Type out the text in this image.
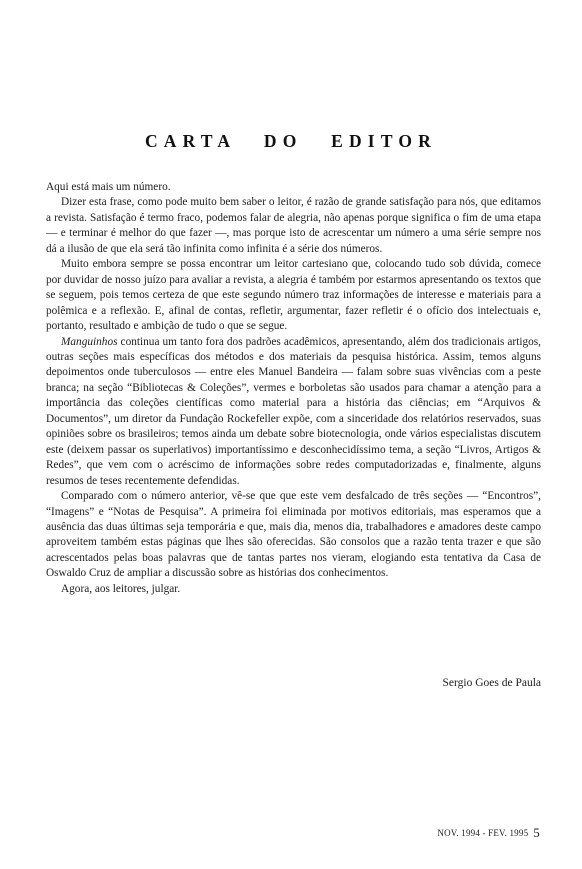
CARTA DO EDITOR

Aqui está mais um número.

Dizer esta frase, como pode muito bem saber o leitor, é razão de grande satisfação para nós, que editamos a revista. Satisfação é termo fraco, podemos falar de alegria, não apenas porque significa o fim de uma etapa — e terminar é melhor do que fazer —, mas porque isto de acrescentar um número a uma série sempre nos dá a ilusão de que ela será tão infinita como infinita é a série dos números.

Muito embora sempre se possa encontrar um leitor cartesiano que, colocando tudo sob dúvida, comece por duvidar de nosso juízo para avaliar a revista, a alegria é também por estarmos apresentando os textos que se seguem, pois temos certeza de que este segundo número traz informações de interesse e materiais para a polêmica e a reflexão. E, afinal de contas, refletir, argumentar, fazer refletir é o ofício dos intelectuais e, portanto, resultado e ambição de tudo o que se segue.

Manguinhos continua um tanto fora dos padrões acadêmicos, apresentando, além dos tradicionais artigos, outras seções mais específicas dos métodos e dos materiais da pesquisa histórica. Assim, temos alguns depoimentos onde tuberculosos — entre eles Manuel Bandeira — falam sobre suas vivências com a peste branca; na seção “Bibliotecas & Coleções”, vermes e borboletas são usados para chamar a atenção para a importância das coleções científicas como material para a história das ciências; em “Arquivos & Documentos”, um diretor da Fundação Rockefeller expõe, com a sinceridade dos relatórios reservados, suas opiniões sobre os brasileiros; temos ainda um debate sobre biotecnologia, onde vários especialistas discutem este (deixem passar os superlativos) importantíssimo e desconhecidíssimo tema, a seção “Livros, Artigos & Redes”, que vem com o acréscimo de informações sobre redes computadorizadas e, finalmente, alguns resumos de teses recentemente defendidas.

Comparado com o número anterior, vê-se que que este vem desfalcado de três seções — “Encontros”, “Imagens” e “Notas de Pesquisa”. A primeira foi eliminada por motivos editoriais, mas esperamos que a ausência das duas últimas seja temporária e que, mais dia, menos dia, trabalhadores e amadores deste campo aproveitem também estas páginas que lhes são oferecidas. São consolos que a razão tenta trazer e que são acrescentados pelas boas palavras que de tantas partes nos vieram, elogiando esta tentativa da Casa de Oswaldo Cruz de ampliar a discussão sobre as histórias dos conhecimentos.

Agora, aos leitores, julgar.

Sergio Goes de Paula
NOV. 1994 - FEV. 1995 5
